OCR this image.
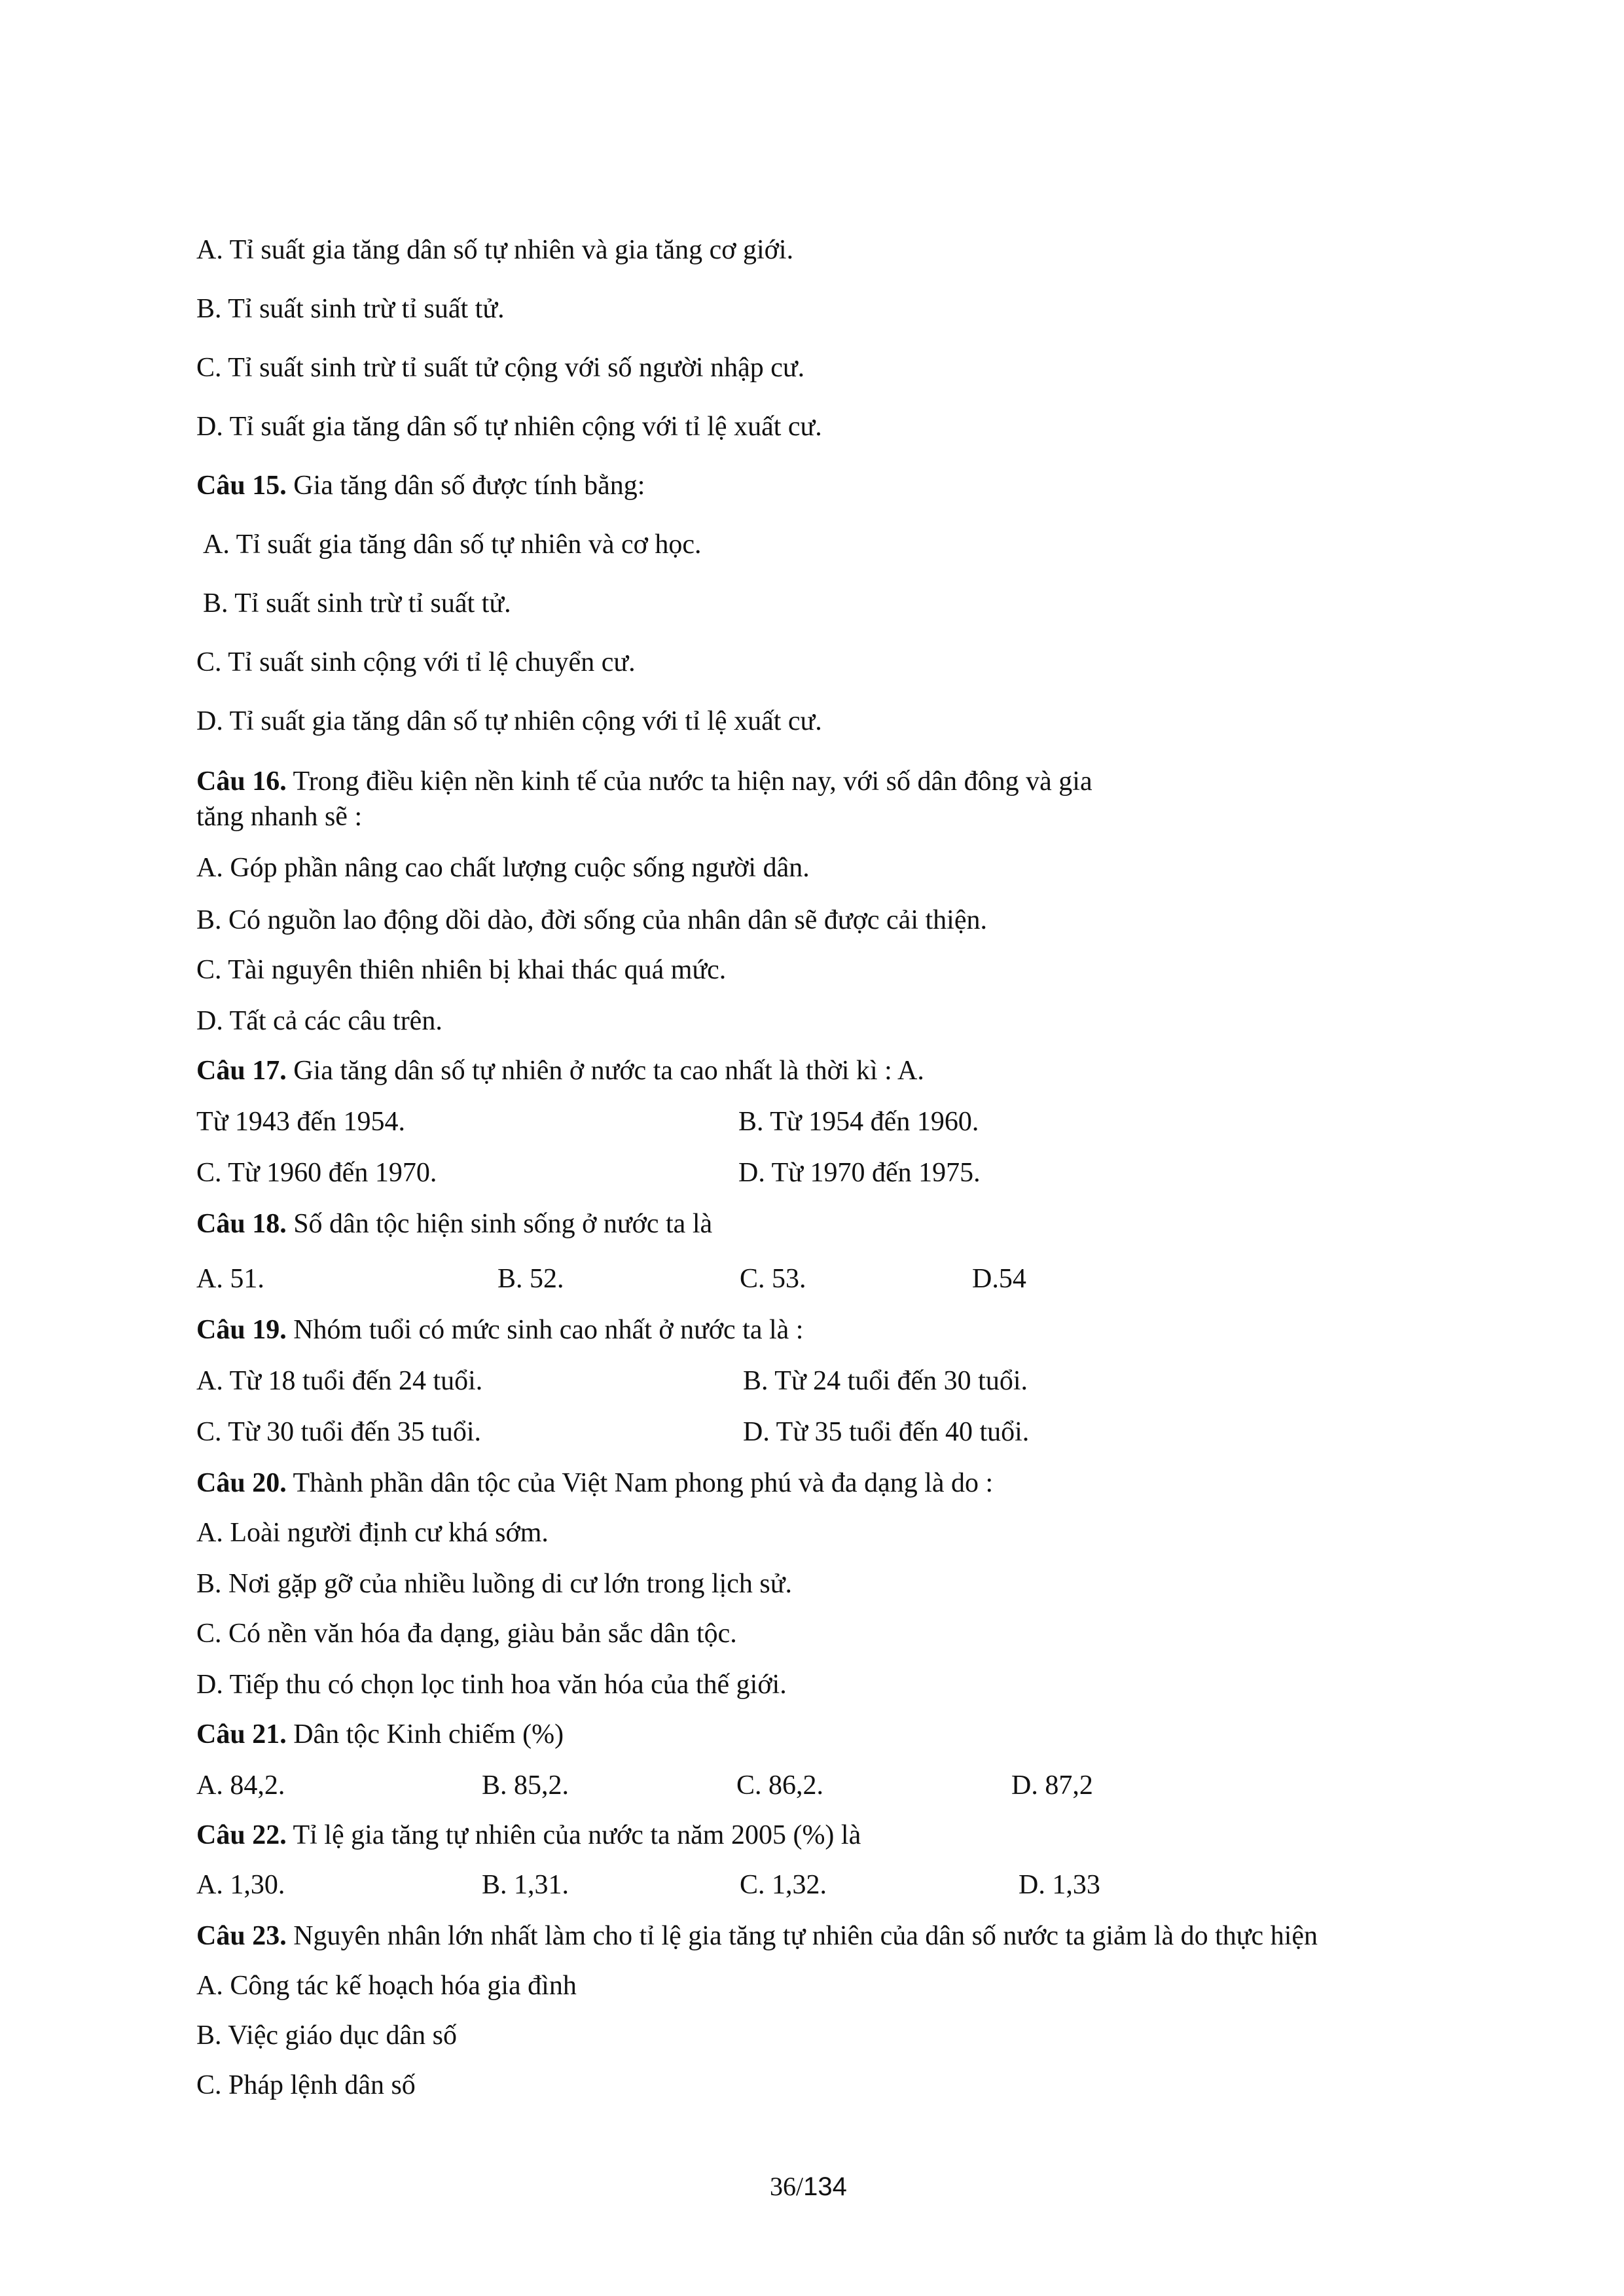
A. Tỉ suất gia tăng dân số tự nhiên và gia tăng cơ giới.
B. Tỉ suất sinh trừ tỉ suất tử.
C. Tỉ suất sinh trừ tỉ suất tử cộng với số người nhập cư.
D. Tỉ suất gia tăng dân số tự nhiên cộng với tỉ lệ xuất cư.
Câu 15. Gia tăng dân số được tính bằng:
A. Tỉ suất gia tăng dân số tự nhiên và cơ học.
B. Tỉ suất sinh trừ tỉ suất tử.
C. Tỉ suất sinh cộng với tỉ lệ chuyển cư.
D. Tỉ suất gia tăng dân số tự nhiên cộng với tỉ lệ xuất cư.
Câu 16. Trong điều kiện nền kinh tế của nước ta hiện nay, với số dân đông và gia
tăng nhanh sẽ :
A. Góp phần nâng cao chất lượng cuộc sống người dân.
B. Có nguồn lao động dồi dào, đời sống của nhân dân sẽ được cải thiện.
C. Tài nguyên thiên nhiên bị khai thác quá mức.
D. Tất cả các câu trên.
Câu 17. Gia tăng dân số tự nhiên ở nước ta cao nhất là thời kì : A.
Từ 1943 đến 1954.	B. Từ 1954 đến 1960.
C. Từ 1960 đến 1970.	D. Từ 1970 đến 1975.
Câu 18. Số dân tộc hiện sinh sống ở nước ta là
A. 51.	B. 52.	C. 53.	D.54
Câu 19. Nhóm tuổi có mức sinh cao nhất ở nước ta là :
A. Từ 18 tuổi đến 24 tuổi.	B. Từ 24 tuổi đến 30 tuổi.
C. Từ 30 tuổi đến 35 tuổi.	D. Từ 35 tuổi đến 40 tuổi.
Câu 20. Thành phần dân tộc của Việt Nam phong phú và đa dạng là do :
A. Loài người định cư khá sớm.
B. Nơi gặp gỡ của nhiều luồng di cư lớn trong lịch sử.
C. Có nền văn hóa đa dạng, giàu bản sắc dân tộc.
D. Tiếp thu có chọn lọc tinh hoa văn hóa của thế giới.
Câu 21. Dân tộc Kinh chiếm (%)
A. 84,2.	B. 85,2.	C. 86,2.	D. 87,2
Câu 22. Tỉ lệ gia tăng tự nhiên của nước ta năm 2005 (%) là
A. 1,30.	B. 1,31.	C. 1,32.	D. 1,33
Câu 23. Nguyên nhân lớn nhất làm cho tỉ lệ gia tăng tự nhiên của dân số nước ta giảm là do thực hiện
A. Công tác kế hoạch hóa gia đình
B. Việc giáo dục dân số
C. Pháp lệnh dân số
36/134
